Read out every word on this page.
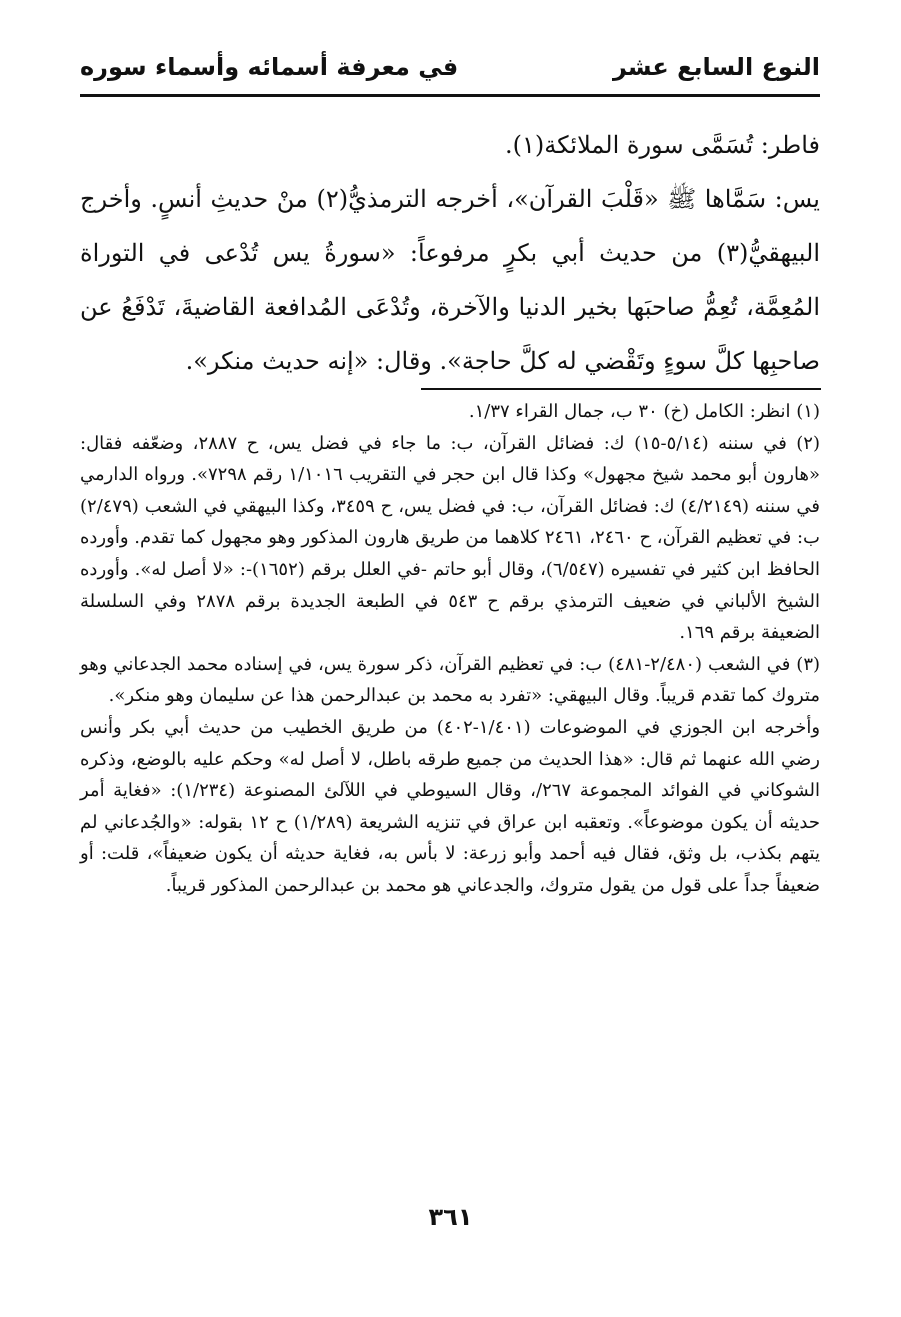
النوع السابع عشر
في معرفة أسمائه وأسماء سوره

فاطر: تُسَمَّى سورة الملائكة(١).

يس: سَمَّاها ﷺ «قَلْبَ القرآن»، أخرجه الترمذيُّ(٢) منْ حديثِ أنسٍ. وأخرج البيهقيُّ(٣) من حديث أبي بكرٍ مرفوعاً: «سورةُ يس تُدْعى في التوراة المُعِمَّة، تُعِمُّ صاحبَها بخير الدنيا والآخرة، وتُدْعَى المُدافعة القاضيةَ، تَدْفَعُ عن صاحبِها كلَّ سوءٍ وتَقْضي له كلَّ حاجة». وقال: «إنه حديث منكر».

(١) انظر: الكامل (خ) ٣٠ ب، جمال القراء ١/٣٧.

(٢) في سننه (٥/١٤-١٥) ك: فضائل القرآن، ب: ما جاء في فضل يس، ح ٢٨٨٧، وضعّفه فقال: «هارون أبو محمد شيخ مجهول» وكذا قال ابن حجر في التقريب ١/١٠١٦ رقم ٧٢٩٨». ورواه الدارمي في سننه (٤/٢١٤٩) ك: فضائل القرآن، ب: في فضل يس، ح ٣٤٥٩، وكذا البيهقي في الشعب (٢/٤٧٩) ب: في تعظيم القرآن، ح ٢٤٦٠، ٢٤٦١ كلاهما من طريق هارون المذكور وهو مجهول كما تقدم. وأورده الحافظ ابن كثير في تفسيره (٦/٥٤٧)، وقال أبو حاتم -في العلل برقم (١٦٥٢)-: «لا أصل له». وأورده الشيخ الألباني في ضعيف الترمذي برقم ح ٥٤٣ في الطبعة الجديدة برقم ٢٨٧٨ وفي السلسلة الضعيفة برقم ١٦٩.

(٣) في الشعب (٢/٤٨٠-٤٨١) ب: في تعظيم القرآن، ذكر سورة يس، في إسناده محمد الجدعاني وهو متروك كما تقدم قريباً. وقال البيهقي: «تفرد به محمد بن عبدالرحمن هذا عن سليمان وهو منكر».

وأخرجه ابن الجوزي في الموضوعات (١/٤٠١-٤٠٢) من طريق الخطيب من حديث أبي بكر وأنس رضي الله عنهما ثم قال: «هذا الحديث من جميع طرقه باطل، لا أصل له» وحكم عليه بالوضع، وذكره الشوكاني في الفوائد المجموعة ٢٦٧/، وقال السيوطي في اللآلئ المصنوعة (١/٢٣٤): «فغاية أمر حديثه أن يكون موضوعاً». وتعقبه ابن عراق في تنزيه الشريعة (١/٢٨٩) ح ١٢ بقوله: «والجُدعاني لم يتهم بكذب، بل وثق، فقال فيه أحمد وأبو زرعة: لا بأس به، فغاية حديثه أن يكون ضعيفاً»، قلت: أو ضعيفاً جداً على قول من يقول متروك، والجدعاني هو محمد بن عبدالرحمن المذكور قريباً.

٣٦١
